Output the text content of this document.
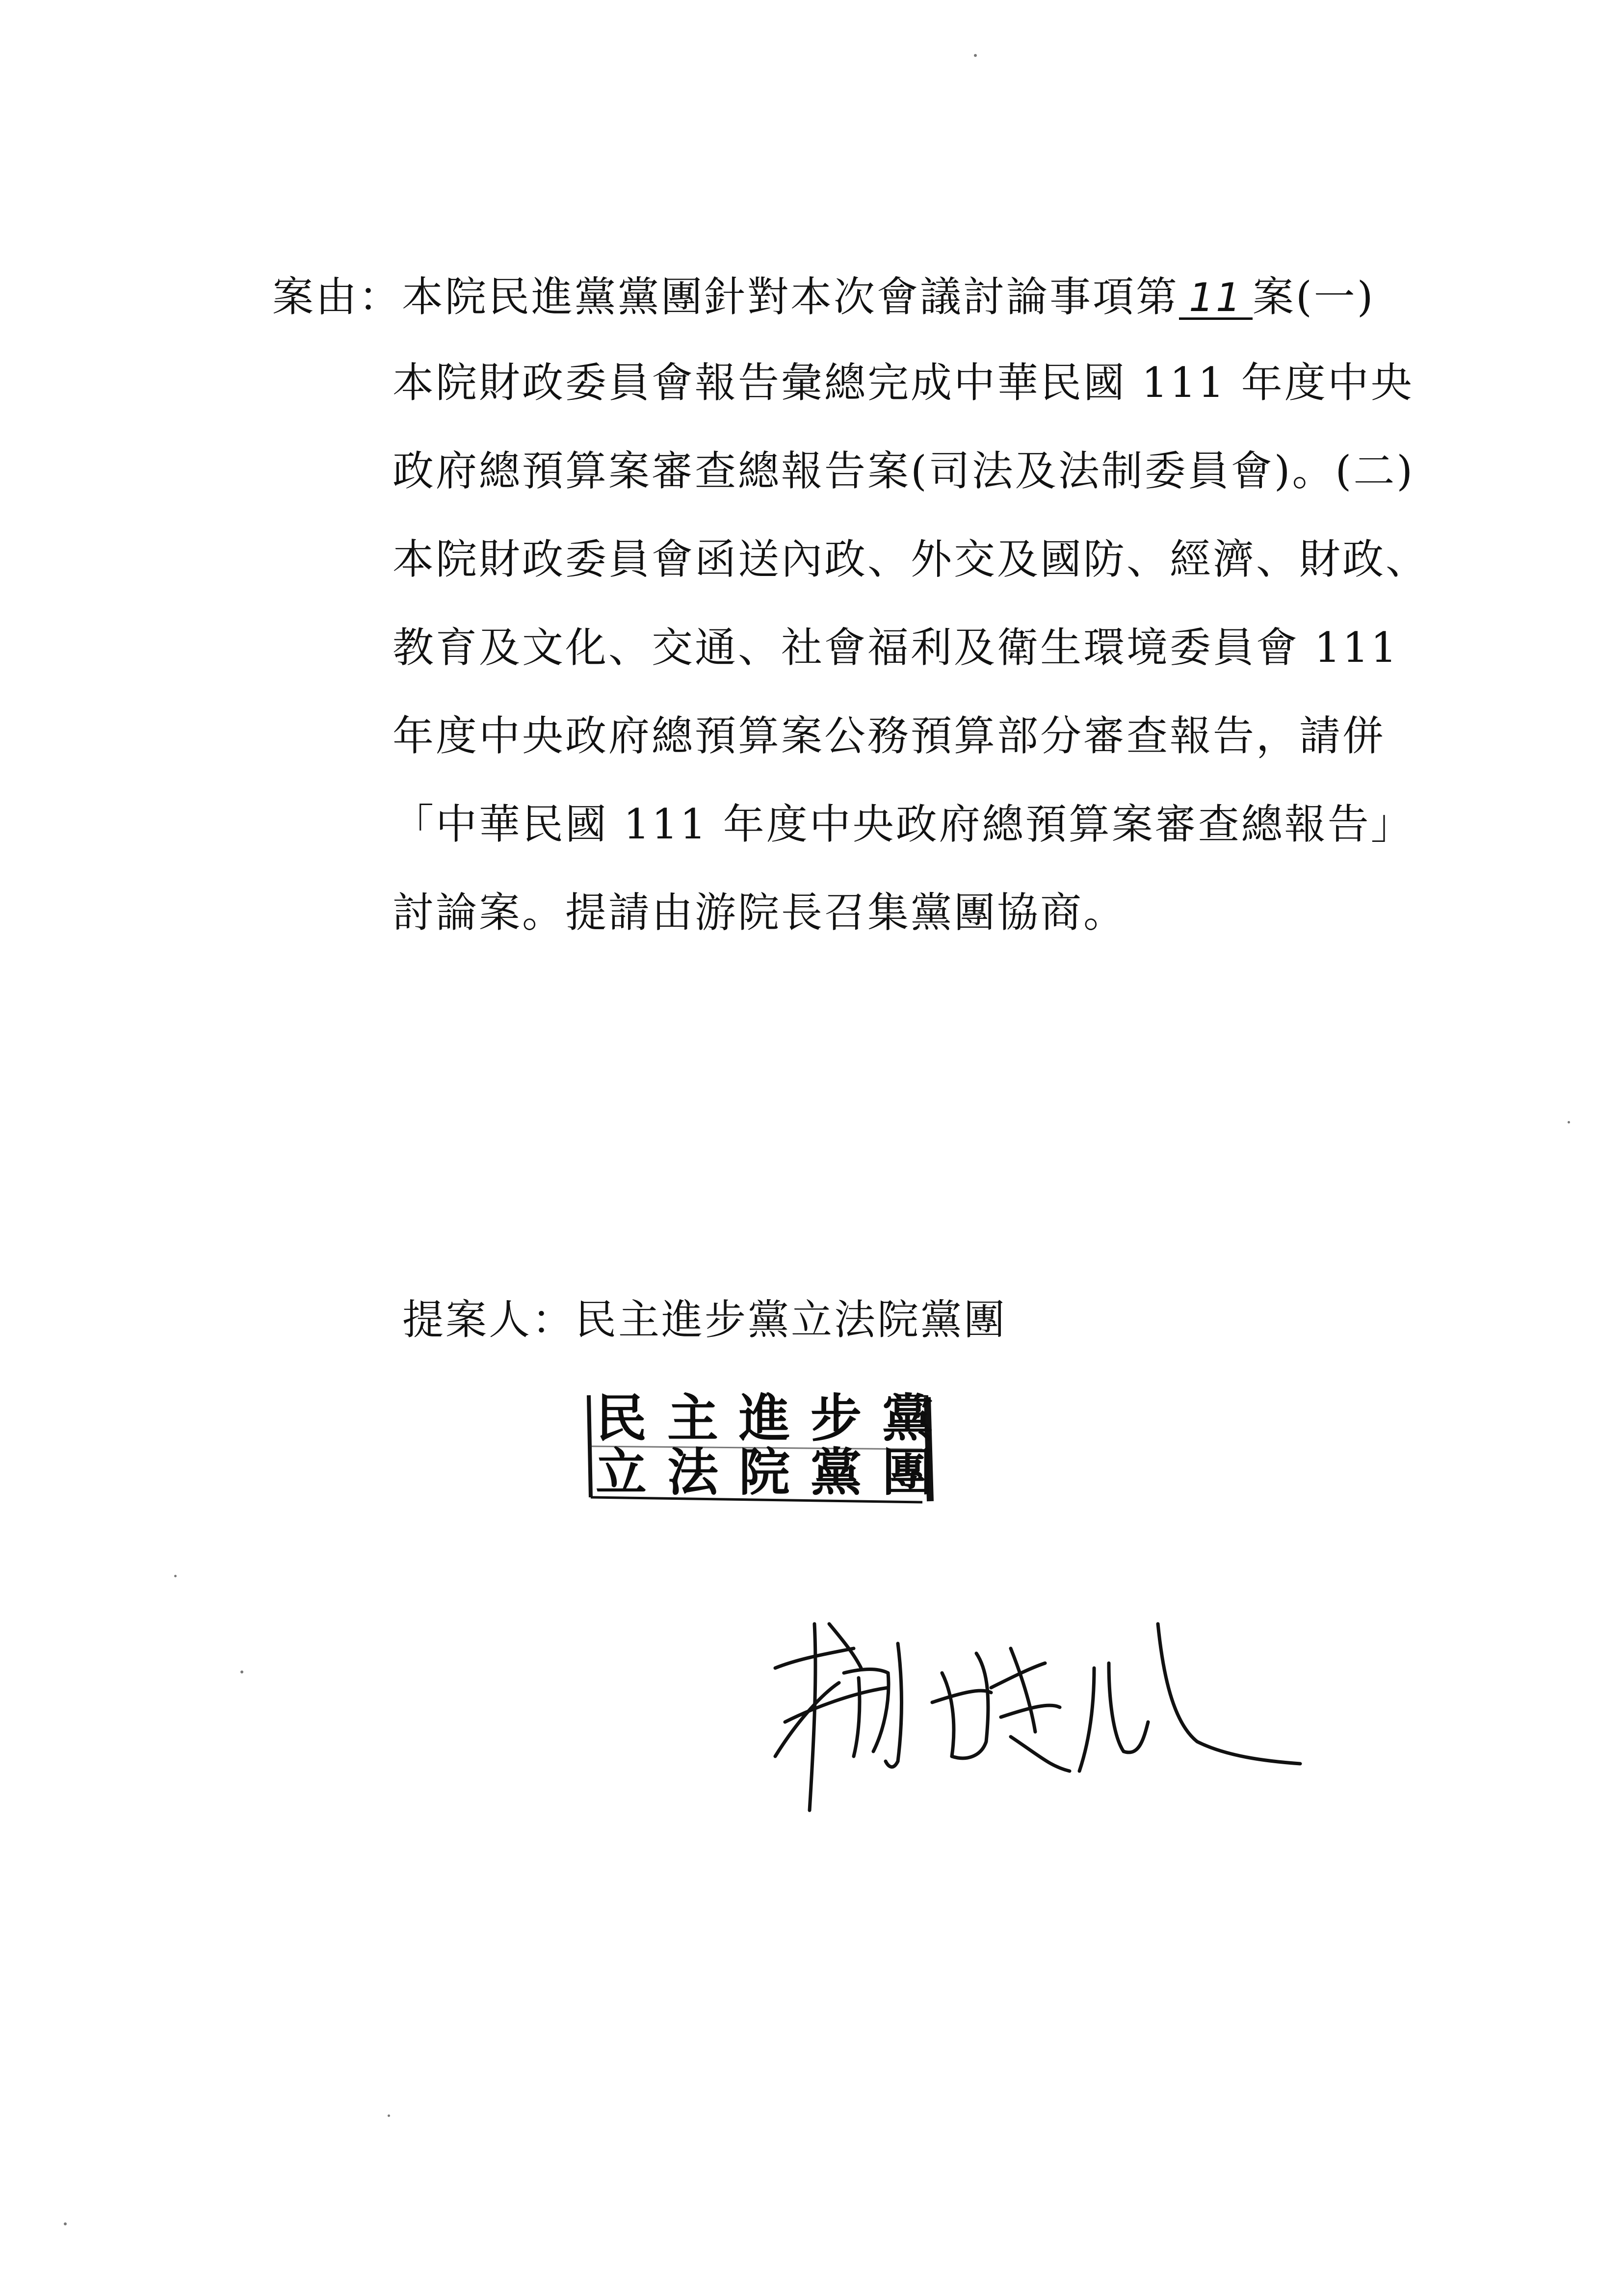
案由：本院民進黨黨團針對本次會議討論事項第 11 案(一)
本院財政委員會報告彙總完成中華民國 111 年度中央
政府總預算案審查總報告案(司法及法制委員會)。(二)
本院財政委員會函送內政、外交及國防、經濟、財政、
教育及文化、交通、社會福利及衛生環境委員會 111
年度中央政府總預算案公務預算部分審查報告，請併
「中華民國 111 年度中央政府總預算案審查總報告」
討論案。提請由游院長召集黨團協商。
提案人：民主進步黨立法院黨團
民主進步黨
立法院黨團
